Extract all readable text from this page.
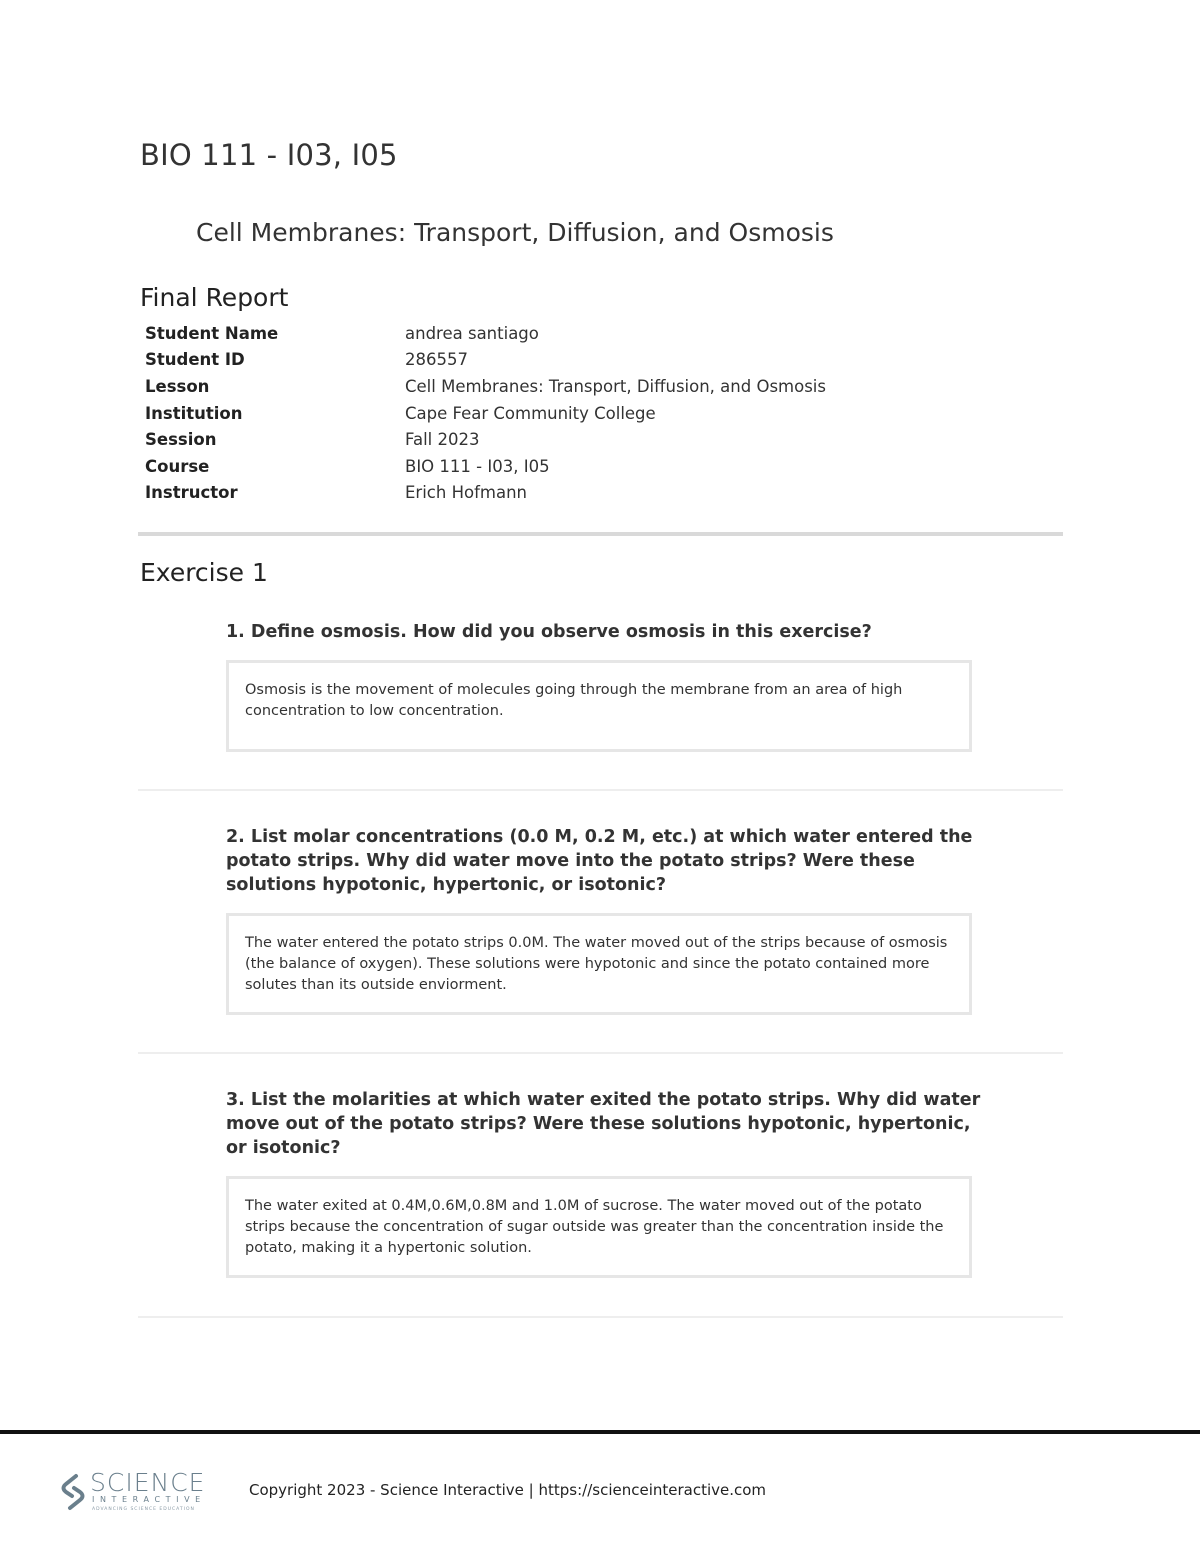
BIO 111 - I03, I05
Cell Membranes: Transport, Diffusion, and Osmosis
Final Report
Student Name	andrea santiago
Student ID	286557
Lesson	Cell Membranes: Transport, Diffusion, and Osmosis
Institution	Cape Fear Community College
Session	Fall 2023
Course	BIO 111 - I03, I05
Instructor	Erich Hofmann
Exercise 1

1. Define osmosis. How did you observe osmosis in this exercise?

Osmosis is the movement of molecules going through the membrane from an area of high concentration to low concentration.

2. List molar concentrations (0.0 M, 0.2 M, etc.) at which water entered the potato strips. Why did water move into the potato strips? Were these solutions hypotonic, hypertonic, or isotonic?

The water entered the potato strips 0.0M. The water moved out of the strips because of osmosis (the balance of oxygen). These solutions were hypotonic and since the potato contained more solutes than its outside enviorment.

3. List the molarities at which water exited the potato strips. Why did water move out of the potato strips? Were these solutions hypotonic, hypertonic, or isotonic?

The water exited at 0.4M,0.6M,0.8M and 1.0M of sucrose. The water moved out of the potato strips because the concentration of sugar outside was greater than the concentration inside the potato, making it a hypertonic solution.
SCIENCE
INTERACTIVE
ADVANCING SCIENCE EDUCATION
Copyright 2023 - Science Interactive | https://scienceinteractive.com
